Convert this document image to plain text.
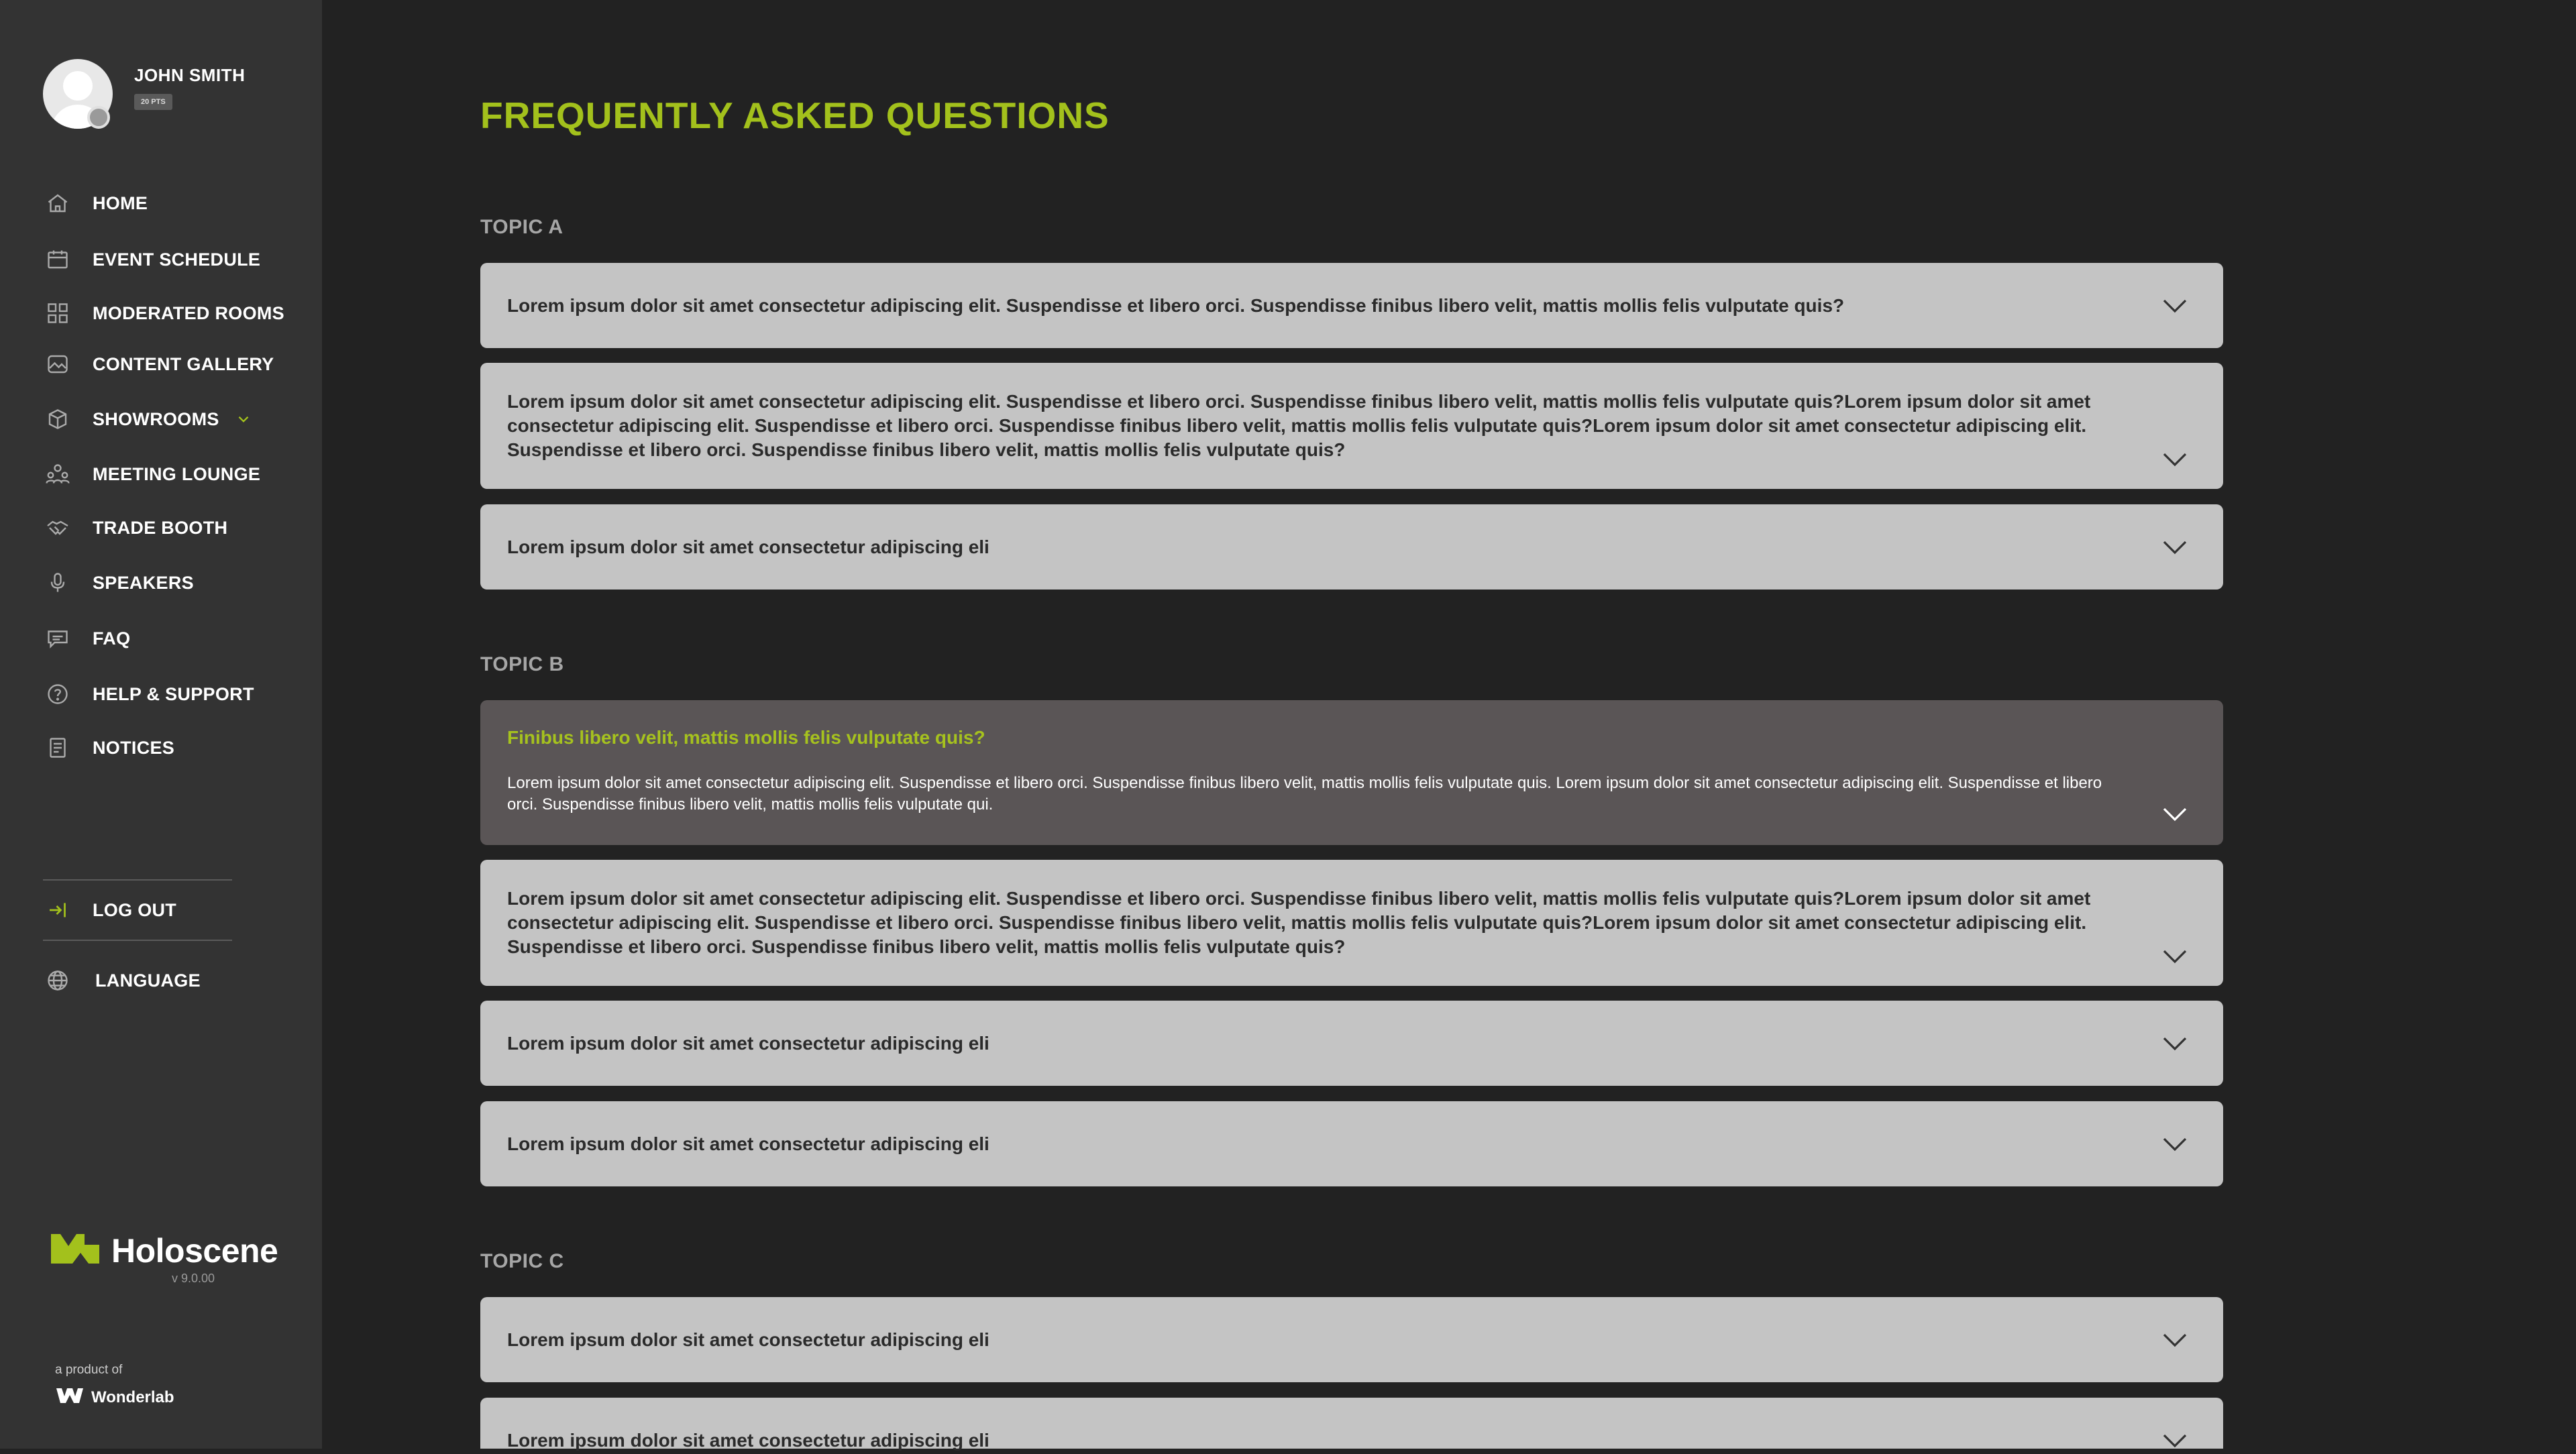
JOHN SMITH
20 PTS
HOME
EVENT SCHEDULE
MODERATED ROOMS
CONTENT GALLERY
SHOWROOMS
MEETING LOUNGE
TRADE BOOTH
SPEAKERS
FAQ
HELP & SUPPORT
NOTICES
LOG OUT
LANGUAGE
Holoscene
v 9.0.00
a product of
Wonderlab
FREQUENTLY ASKED QUESTIONS
TOPIC A
Lorem ipsum dolor sit amet consectetur adipiscing elit. Suspendisse et libero orci. Suspendisse finibus libero velit, mattis mollis felis vulputate quis?
Lorem ipsum dolor sit amet consectetur adipiscing elit. Suspendisse et libero orci. Suspendisse finibus libero velit, mattis mollis felis vulputate quis?Lorem ipsum dolor sit amet consectetur adipiscing elit. Suspendisse et libero orci. Suspendisse finibus libero velit, mattis mollis felis vulputate quis?Lorem ipsum dolor sit amet consectetur adipiscing elit. Suspendisse et libero orci. Suspendisse finibus libero velit, mattis mollis felis vulputate quis?
Lorem ipsum dolor sit amet consectetur adipiscing eli
TOPIC B
Finibus libero velit, mattis mollis felis vulputate quis?
Lorem ipsum dolor sit amet consectetur adipiscing elit. Suspendisse et libero orci. Suspendisse finibus libero velit, mattis mollis felis vulputate quis. Lorem ipsum dolor sit amet consectetur adipiscing elit. Suspendisse et libero orci. Suspendisse finibus libero velit, mattis mollis felis vulputate qui.
Lorem ipsum dolor sit amet consectetur adipiscing elit. Suspendisse et libero orci. Suspendisse finibus libero velit, mattis mollis felis vulputate quis?Lorem ipsum dolor sit amet consectetur adipiscing elit. Suspendisse et libero orci. Suspendisse finibus libero velit, mattis mollis felis vulputate quis?Lorem ipsum dolor sit amet consectetur adipiscing elit. Suspendisse et libero orci. Suspendisse finibus libero velit, mattis mollis felis vulputate quis?
Lorem ipsum dolor sit amet consectetur adipiscing eli
Lorem ipsum dolor sit amet consectetur adipiscing eli
TOPIC C
Lorem ipsum dolor sit amet consectetur adipiscing eli
Lorem ipsum dolor sit amet consectetur adipiscing eli
